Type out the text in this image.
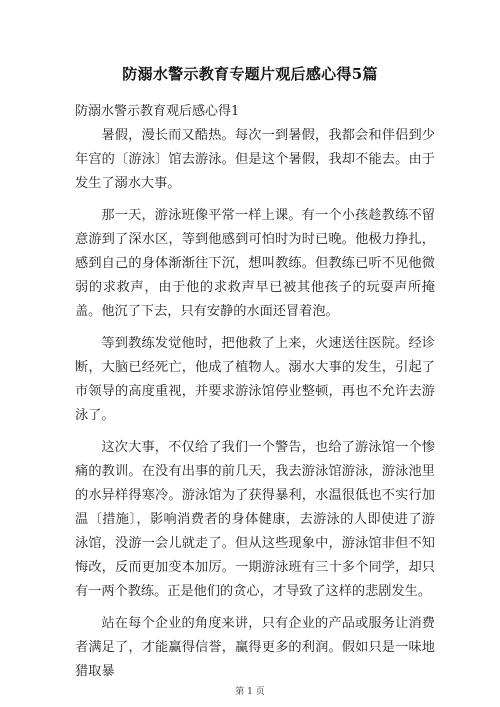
防溺水警示教育专题片观后感心得5篇
防溺水警示教育观后感心得1

暑假，漫长而又酷热。每次一到暑假，我都会和伴侣到少年宫的〔游泳〕馆去游泳。但是这个暑假，我却不能去。由于发生了溺水大事。

那一天，游泳班像平常一样上课。有一个小孩趁教练不留意游到了深水区，等到他感到可怕时为时已晚。他极力挣扎，感到自己的身体渐渐往下沉，想叫教练。但教练已听不见他微弱的求救声，由于他的求救声早已被其他孩子的玩耍声所掩盖。他沉了下去，只有安静的水面还冒着泡。

等到教练发觉他时，把他救了上来，火速送往医院。经诊断，大脑已经死亡，他成了植物人。溺水大事的发生，引起了市领导的高度重视，并要求游泳馆停业整顿，再也不允许去游泳了。

这次大事，不仅给了我们一个警告，也给了游泳馆一个惨痛的教训。在没有出事的前几天，我去游泳馆游泳，游泳池里的水异样得寒冷。游泳馆为了获得暴利，水温很低也不实行加温〔措施〕，影响消费者的身体健康，去游泳的人即使进了游泳馆，没游一会儿就走了。但从这些现象中，游泳馆非但不知悔改，反而更加变本加厉。一期游泳班有三十多个同学，却只有一两个教练。正是他们的贪心，才导致了这样的悲剧发生。

站在每个企业的角度来讲，只有企业的产品或服务让消费者满足了，才能赢得信誉，赢得更多的利润。假如只是一味地猎取暴

第 1 页
